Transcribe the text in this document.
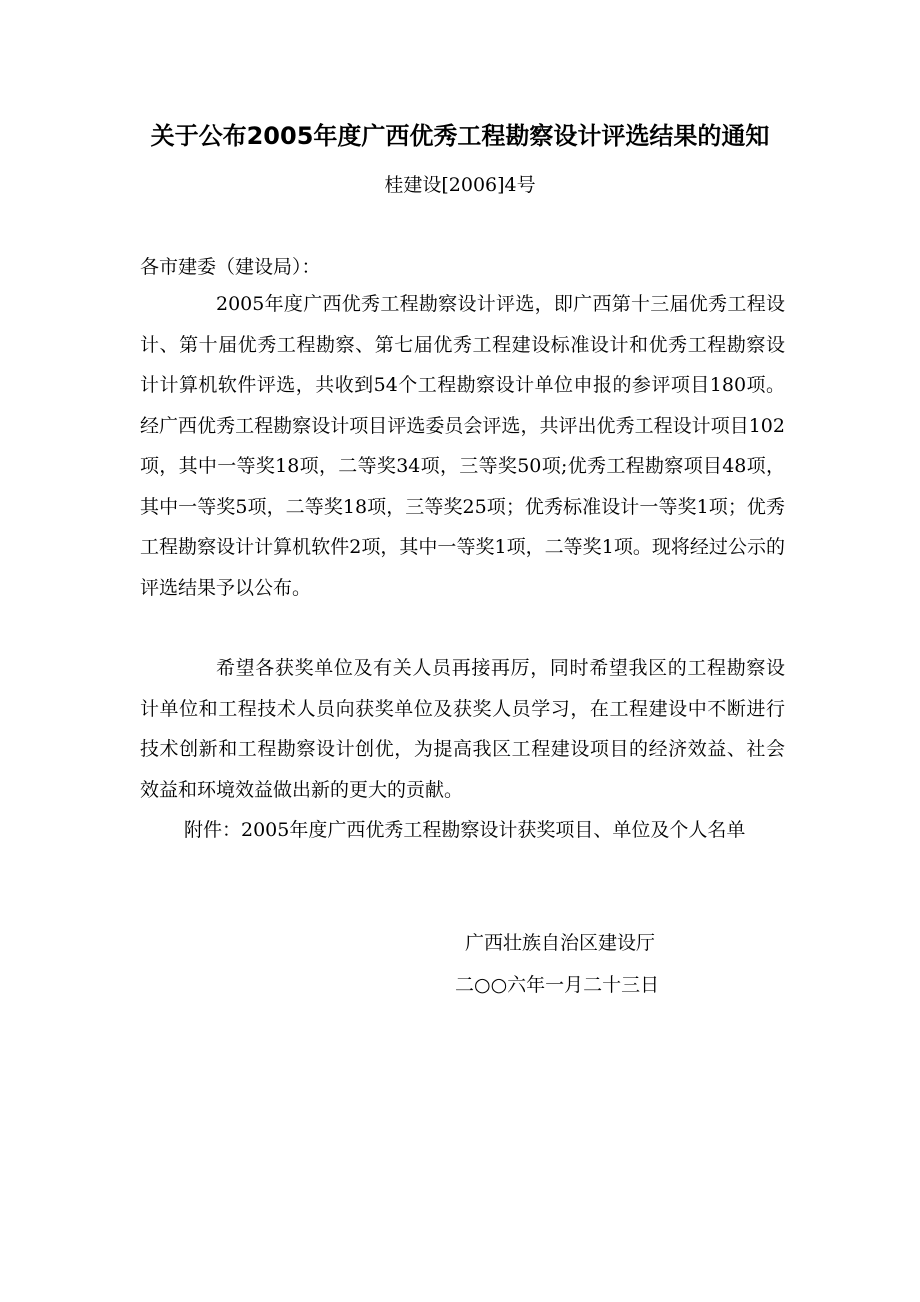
关于公布2005年度广西优秀工程勘察设计评选结果的通知
桂建设[2006]4号
各市建委（建设局）：

2005年度广西优秀工程勘察设计评选，即广西第十三届优秀工程设计、第十届优秀工程勘察、第七届优秀工程建设标准设计和优秀工程勘察设计计算机软件评选，共收到54个工程勘察设计单位申报的参评项目180项。经广西优秀工程勘察设计项目评选委员会评选，共评出优秀工程设计项目102项，其中一等奖18项，二等奖34项，三等奖50项;优秀工程勘察项目48项，其中一等奖5项，二等奖18项，三等奖25项；优秀标准设计一等奖1项；优秀工程勘察设计计算机软件2项，其中一等奖1项，二等奖1项。现将经过公示的评选结果予以公布。

希望各获奖单位及有关人员再接再厉，同时希望我区的工程勘察设计单位和工程技术人员向获奖单位及获奖人员学习，在工程建设中不断进行技术创新和工程勘察设计创优，为提高我区工程建设项目的经济效益、社会效益和环境效益做出新的更大的贡献。

附件：2005年度广西优秀工程勘察设计获奖项目、单位及个人名单

广西壮族自治区建设厅
二○○六年一月二十三日
